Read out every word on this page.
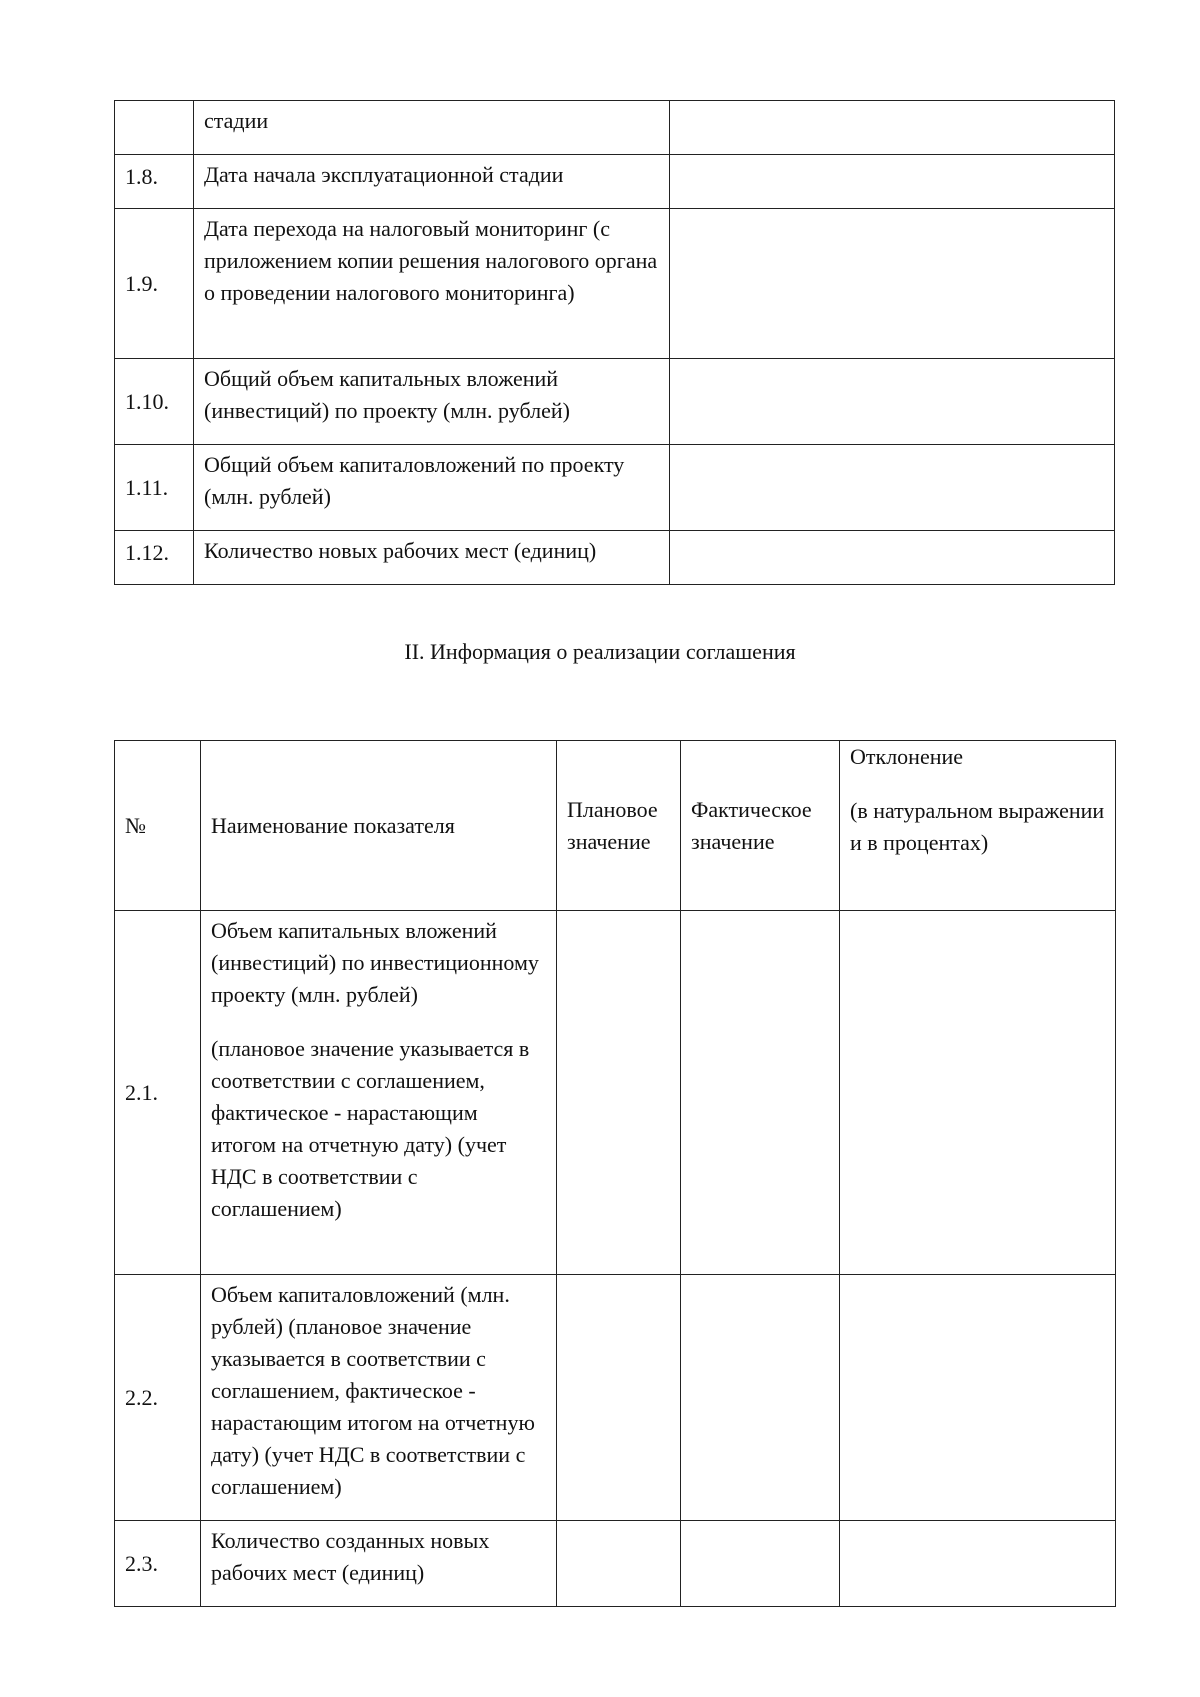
	стадии	

1.8.	Дата начала эксплуатационной стадии	

1.9.	Дата перехода на налоговый мониторинг (с приложением копии решения налогового органа о проведении налогового мониторинга)	

1.10.	Общий объем капитальных вложений (инвестиций) по проекту (млн. рублей)	

1.11.	Общий объем капиталовложений по проекту (млн. рублей)	

1.12.	Количество новых рабочих мест (единиц)	

II. Информация о реализации соглашения
№	Наименование показателя	Плановое значение	Фактическое значение	Отклонение
(в натуральном выражении и в процентах)

2.1.	Объем капитальных вложений (инвестиций) по инвестиционному проекту (млн. рублей)
(плановое значение указывается в соответствии с соглашением, фактическое - нарастающим итогом на отчетную дату) (учет НДС в соответствии с соглашением)			

2.2.	Объем капиталовложений (млн. рублей) (плановое значение указывается в соответствии с соглашением, фактическое - нарастающим итогом на отчетную дату) (учет НДС в соответствии с соглашением)			

2.3.	Количество созданных новых рабочих мест (единиц)			
